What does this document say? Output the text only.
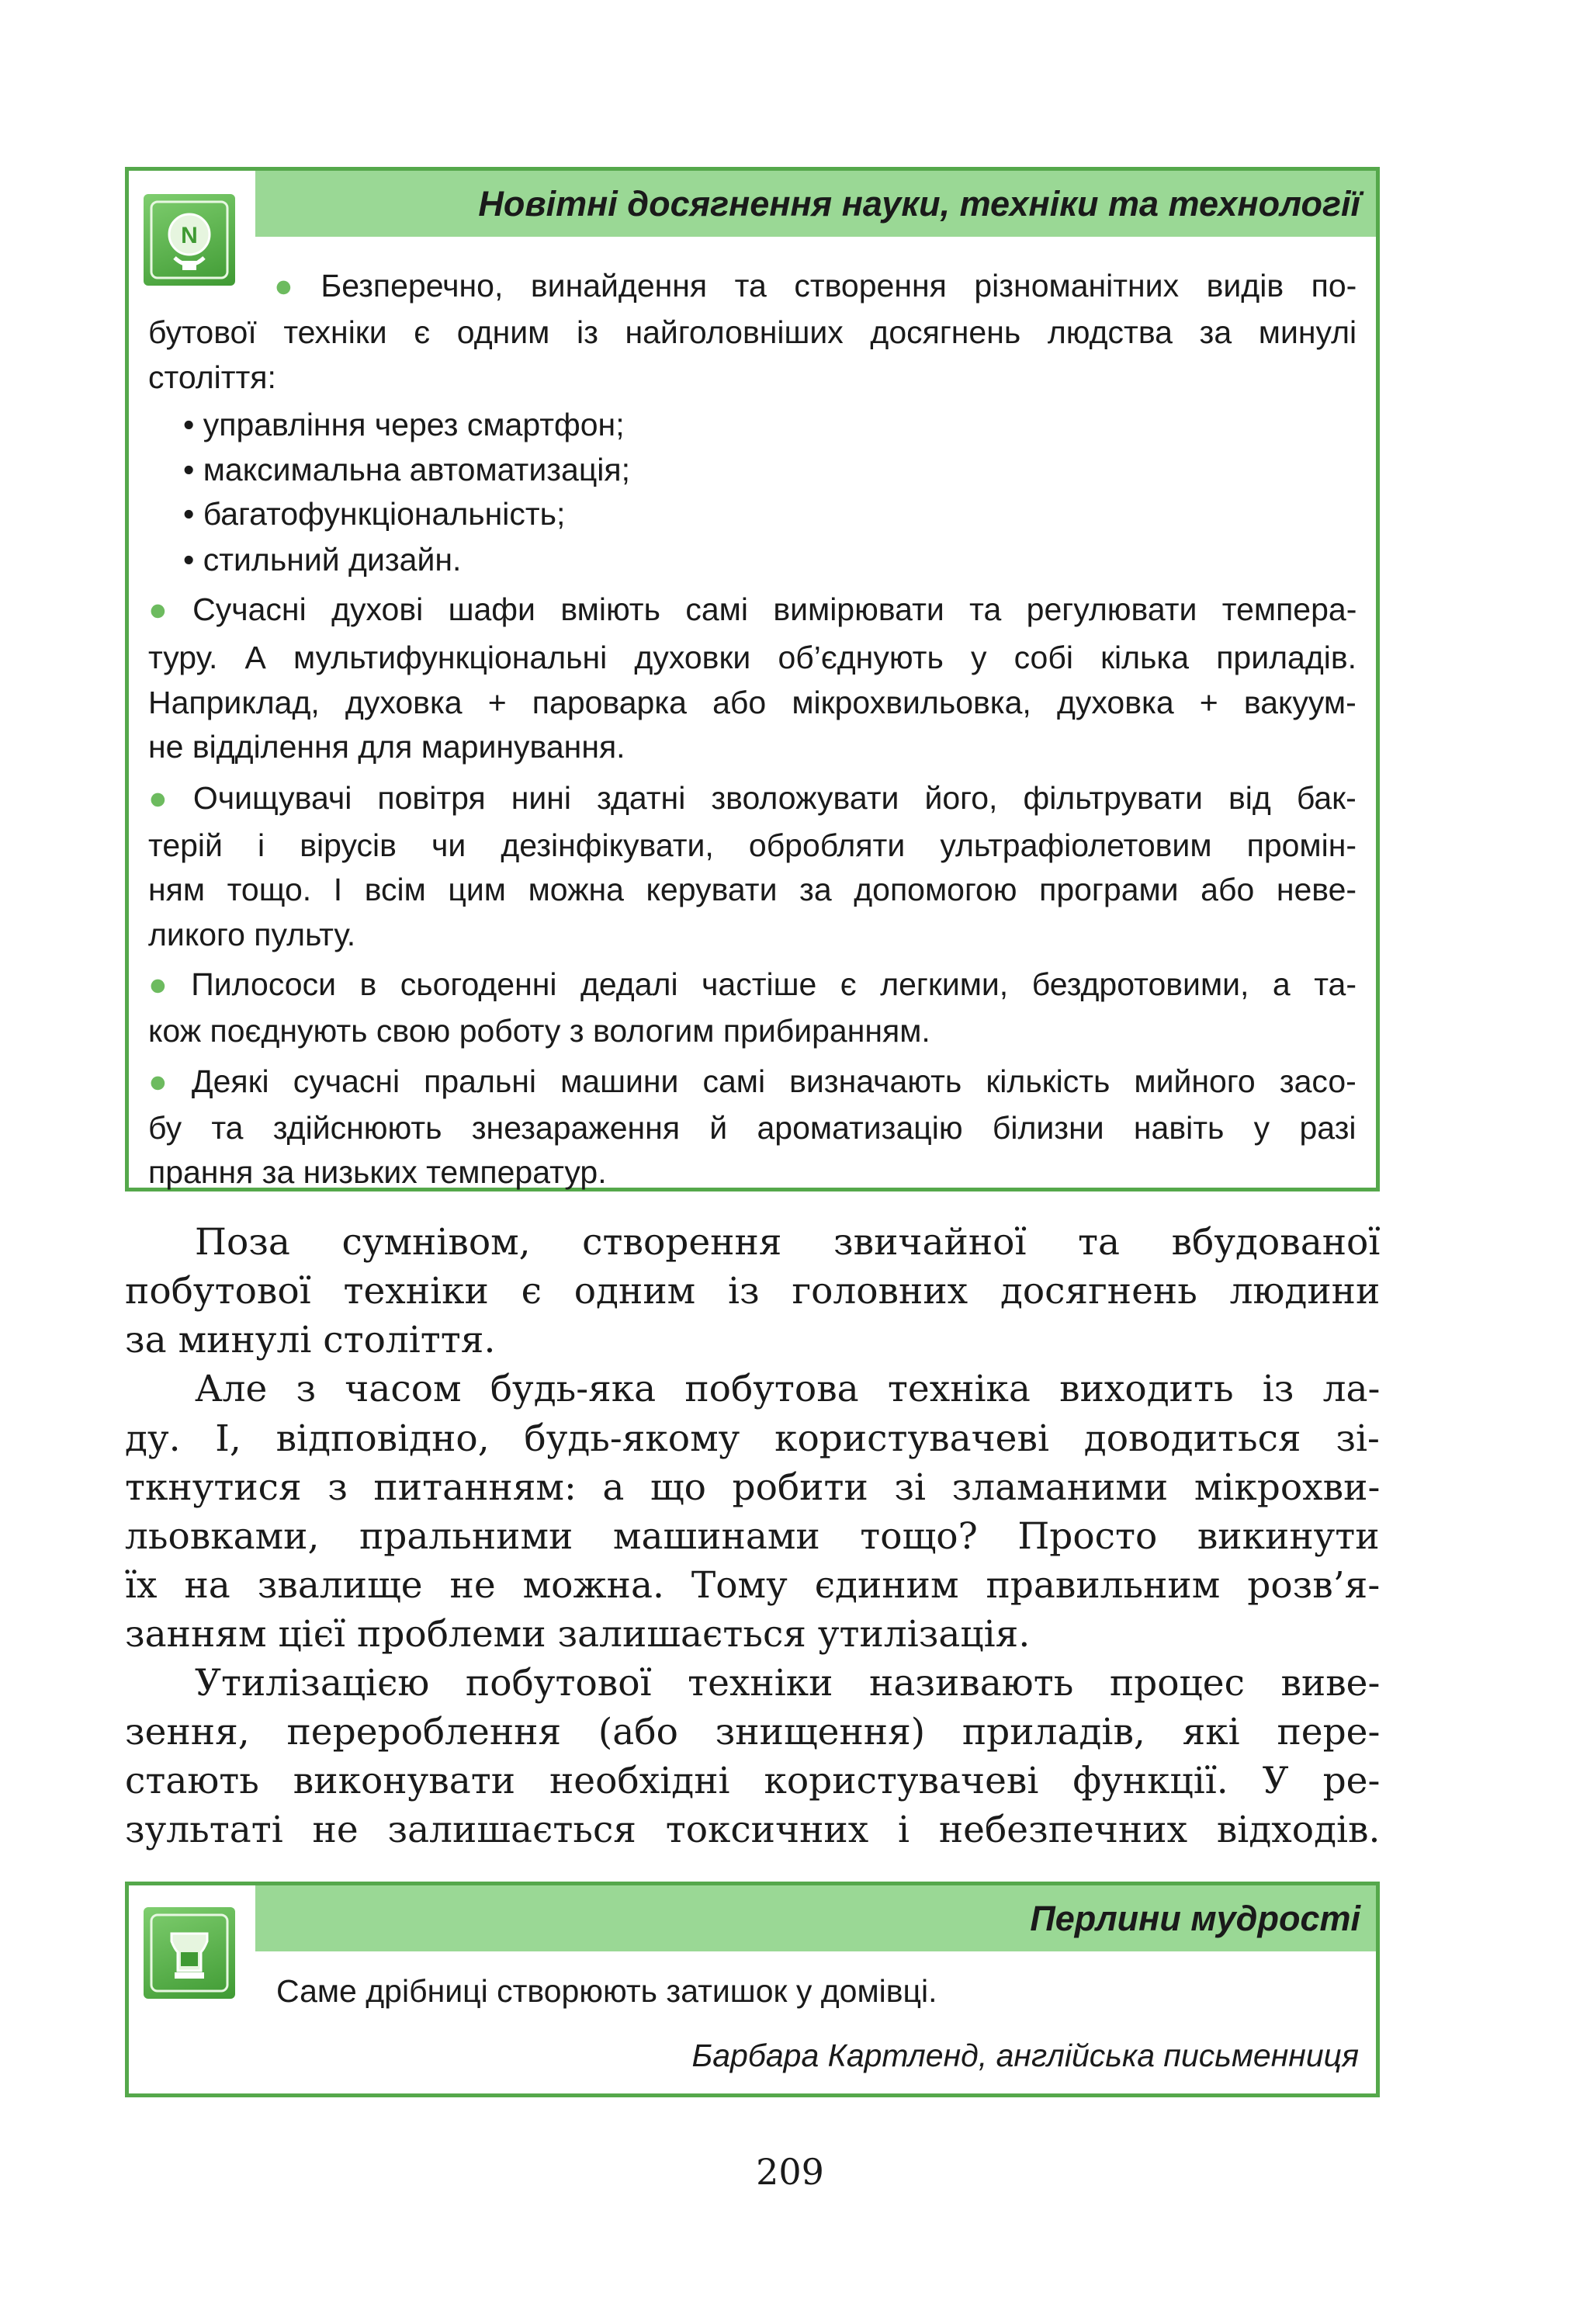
Новітні досягнення науки, техніки та технології
N
● Безперечно, винайдення та створення різноманітних видів по-
бутової техніки є одним із найголовніших досягнень людства за минулі
століття:
• управління через смартфон;
• максимальна автоматизація;
• багатофункціональність;
• стильний дизайн.
● Сучасні духові шафи вміють самі вимірювати та регулювати темпера-
туру. А мультифункціональні духовки об’єднують у собі кілька приладів.
Наприклад, духовка + пароварка або мікрохвильовка, духовка + вакуум-
не відділення для маринування.
● Очищувачі повітря нині здатні зволожувати його, фільтрувати від бак-
терій і вірусів чи дезінфікувати, обробляти ультрафіолетовим промін-
ням тощо. І всім цим можна керувати за допомогою програми або неве-
ликого пульту.
● Пилососи в сьогоденні дедалі частіше є легкими, бездротовими, а та-
кож поєднують свою роботу з вологим прибиранням.
● Деякі сучасні пральні машини самі визначають кількість мийного засо-
бу та здійснюють знезараження й ароматизацію білизни навіть у разі
прання за низьких температур.
Поза сумнівом, створення звичайної та вбудованої
побутової техніки є одним із головних досягнень людини
за минулі століття.
Але з часом будь-яка побутова техніка виходить із ла-
ду. І, відповідно, будь-якому користувачеві доводиться зі-
ткнутися з питанням: а що робити зі зламаними мікрохви-
льовками, пральними машинами тощо? Просто викинути
їх на звалище не можна. Тому єдиним правильним розв’я-
занням цієї проблеми залишається утилізація.
Утилізацією побутової техніки називають процес виве-
зення, перероблення (або знищення) приладів, які пере-
стають виконувати необхідні користувачеві функції. У ре-
зультаті не залишається токсичних і небезпечних відходів.
Перлини мудрості
Саме дрібниці створюють затишок у домівці.
Барбара Картленд, англійська письменниця
209
